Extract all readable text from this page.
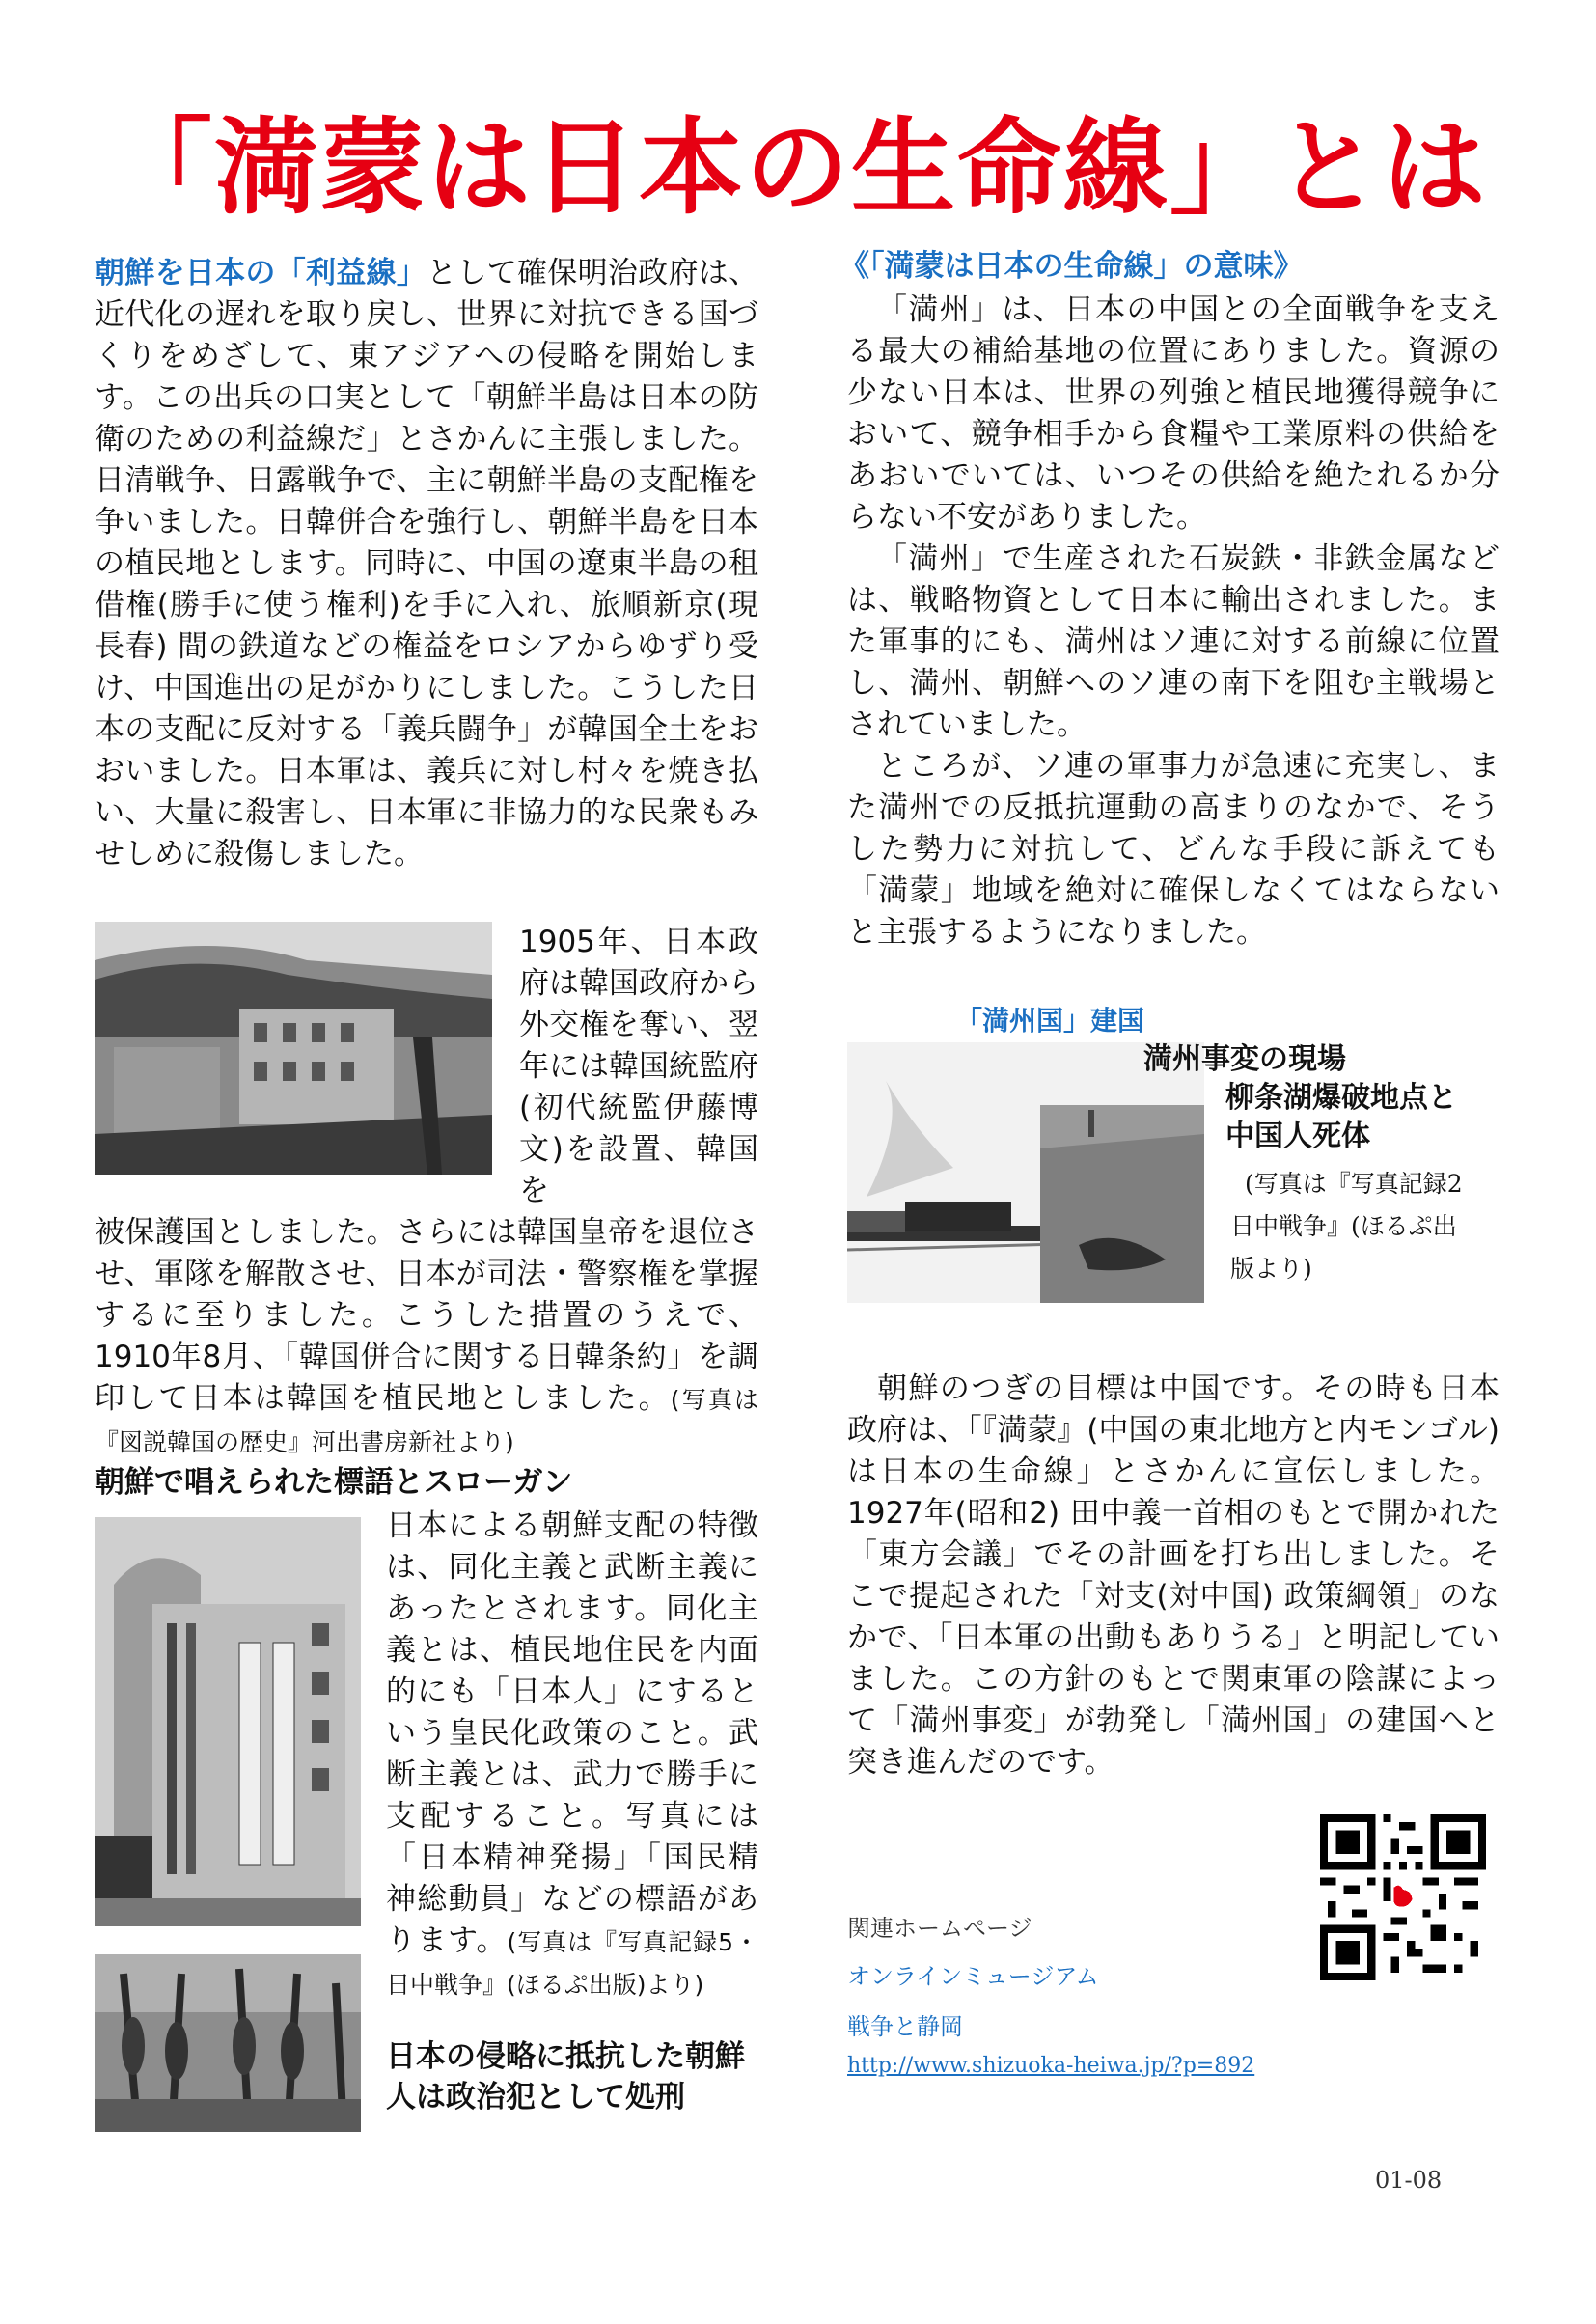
「満蒙は日本の生命線」とは

朝鮮を日本の「利益線」として確保明治政府は、近代化の遅れを取り戻し、世界に対抗できる国づくりをめざして、東アジアへの侵略を開始します。この出兵の口実として「朝鮮半島は日本の防衛のための利益線だ」とさかんに主張しました。日清戦争、日露戦争で、主に朝鮮半島の支配権を争いました。日韓併合を強行し、朝鮮半島を日本の植民地とします。同時に、中国の遼東半島の租借権(勝手に使う権利)を手に入れ、旅順新京(現長春) 間の鉄道などの権益をロシアからゆずり受け、中国進出の足がかりにしました。こうした日本の支配に反対する「義兵闘争」が韓国全土をおおいました。日本軍は、義兵に対し村々を焼き払い、大量に殺害し、日本軍に非協力的な民衆もみせしめに殺傷しました。

1905年、日本政府は韓国政府から外交権を奪い、翌年には韓国統監府(初代統監伊藤博文)を設置、韓国を

被保護国としました。さらには韓国皇帝を退位させ、軍隊を解散させ、日本が司法・警察権を掌握するに至りました。こうした措置のうえで、1910年8月、「韓国併合に関する日韓条約」を調印して日本は韓国を植民地としました。(写真は『図説韓国の歴史』河出書房新社より)

朝鮮で唱えられた標語とスローガン

日本による朝鮮支配の特徴は、同化主義と武断主義にあったとされます。同化主義とは、植民地住民を内面的にも「日本人」にするという皇民化政策のこと。武断主義とは、武力で勝手に支配すること。写真には「日本精神発揚」「国民精神総動員」などの標語があります。(写真は『写真記録5・日中戦争』(ほるぷ出版)より)

日本の侵略に抵抗した朝鮮人は政治犯として処刑
《「満蒙は日本の生命線」の意味》
「満州」は、日本の中国との全面戦争を支える最大の補給基地の位置にありました。資源の少ない日本は、世界の列強と植民地獲得競争において、競争相手から食糧や工業原料の供給をあおいでいては、いつその供給を絶たれるか分らない不安がありました。
「満州」で生産された石炭鉄・非鉄金属などは、戦略物資として日本に輸出されました。また軍事的にも、満州はソ連に対する前線に位置し、満州、朝鮮へのソ連の南下を阻む主戦場とされていました。
ところが、ソ連の軍事力が急速に充実し、また満州での反抵抗運動の高まりのなかで、そうした勢力に対抗して、どんな手段に訴えても「満蒙」地域を絶対に確保しなくてはならないと主張するようになりました。
「満州国」建国
満州事変の現場
柳条湖爆破地点と
中国人死体
(写真は『写真記録2
日中戦争』(ほるぷ出
版より)
朝鮮のつぎの目標は中国です。その時も日本政府は、「『満蒙』(中国の東北地方と内モンゴル)は日本の生命線」とさかんに宣伝しました。1927年(昭和2) 田中義一首相のもとで開かれた「東方会議」でその計画を打ち出しました。そこで提起された「対支(対中国) 政策綱領」のなかで、「日本軍の出動もありうる」と明記していました。この方針のもとで関東軍の陰謀によって「満州事変」が勃発し「満州国」の建国へと突き進んだのです。
関連ホームページ
オンラインミュージアム
戦争と静岡
http://www.shizuoka-heiwa.jp/?p=892
01-08
